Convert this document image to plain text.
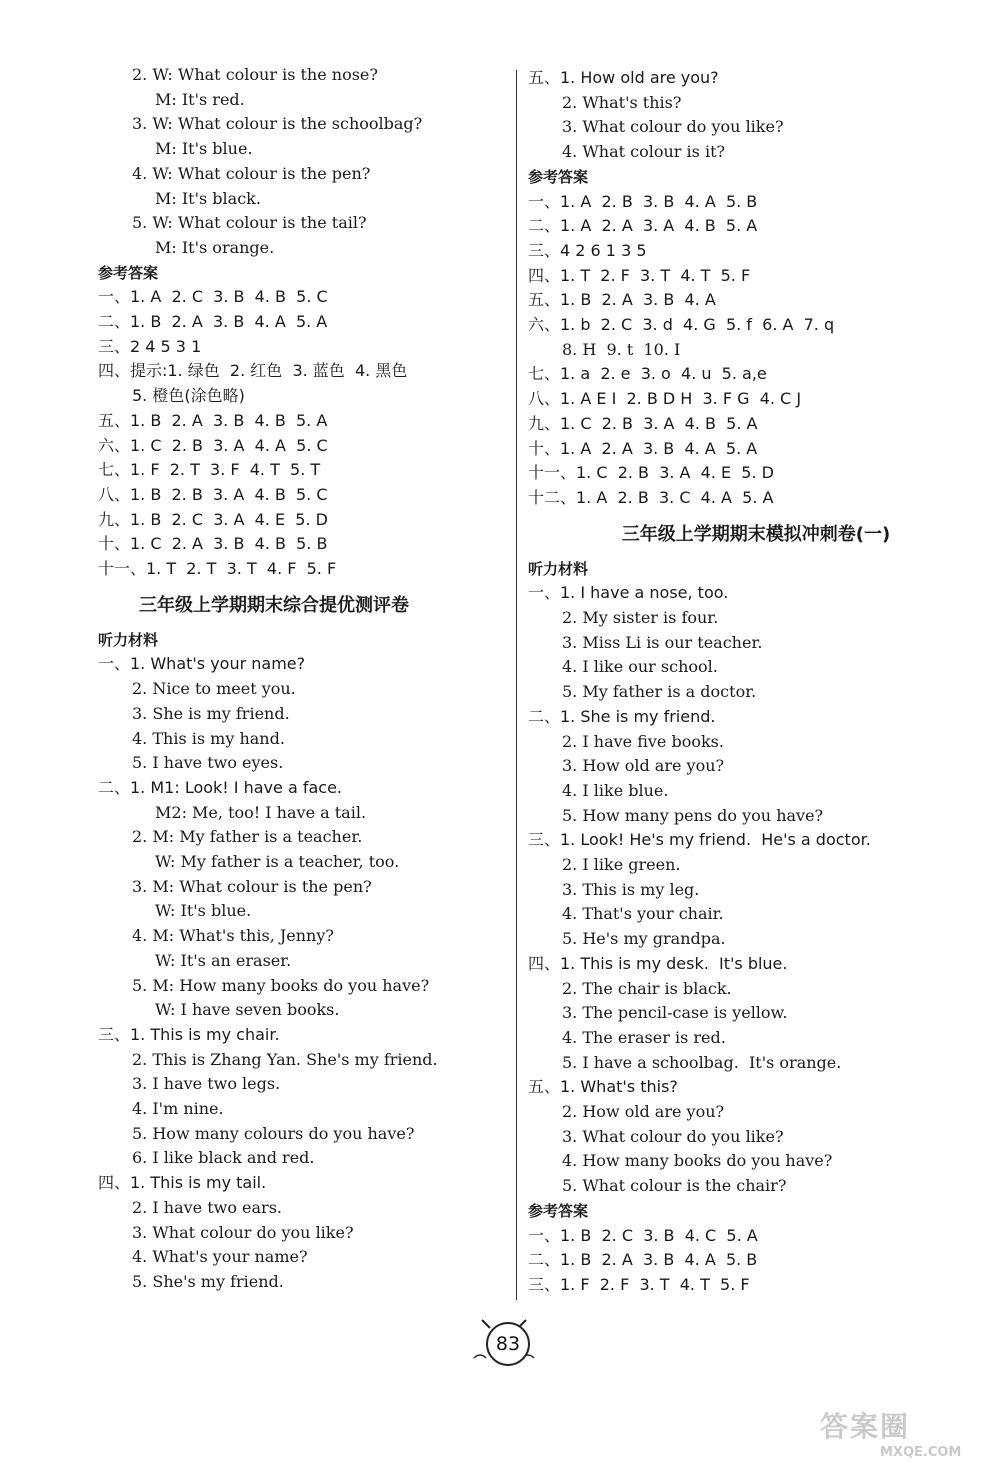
2. W: What colour is the nose?
M: It's red.
3. W: What colour is the schoolbag?
M: It's blue.
4. W: What colour is the pen?
M: It's black.
5. W: What colour is the tail?
M: It's orange.
参考答案
一、1. A  2. C  3. B  4. B  5. C
二、1. B  2. A  3. B  4. A  5. A
三、2 4 5 3 1
四、提示:1. 绿色  2. 红色  3. 蓝色  4. 黑色
5. 橙色(涂色略)
五、1. B  2. A  3. B  4. B  5. A
六、1. C  2. B  3. A  4. A  5. C
七、1. F  2. T  3. F  4. T  5. T
八、1. B  2. B  3. A  4. B  5. C
九、1. B  2. C  3. A  4. E  5. D
十、1. C  2. A  3. B  4. B  5. B
十一、1. T  2. T  3. T  4. F  5. F
三年级上学期期末综合提优测评卷
听力材料
一、1. What's your name?
2. Nice to meet you.
3. She is my friend.
4. This is my hand.
5. I have two eyes.
二、1. M1: Look! I have a face.
M2: Me, too! I have a tail.
2. M: My father is a teacher.
W: My father is a teacher, too.
3. M: What colour is the pen?
W: It's blue.
4. M: What's this, Jenny?
W: It's an eraser.
5. M: How many books do you have?
W: I have seven books.
三、1. This is my chair.
2. This is Zhang Yan. She's my friend.
3. I have two legs.
4. I'm nine.
5. How many colours do you have?
6. I like black and red.
四、1. This is my tail.
2. I have two ears.
3. What colour do you like?
4. What's your name?
5. She's my friend.
五、1. How old are you?
2. What's this?
3. What colour do you like?
4. What colour is it?
参考答案
一、1. A  2. B  3. B  4. A  5. B
二、1. A  2. A  3. A  4. B  5. A
三、4 2 6 1 3 5
四、1. T  2. F  3. T  4. T  5. F
五、1. B  2. A  3. B  4. A
六、1. b  2. C  3. d  4. G  5. f  6. A  7. q
8. H  9. t  10. I
七、1. a  2. e  3. o  4. u  5. a,e
八、1. A E I  2. B D H  3. F G  4. C J
九、1. C  2. B  3. A  4. B  5. A
十、1. A  2. A  3. B  4. A  5. A
十一、1. C  2. B  3. A  4. E  5. D
十二、1. A  2. B  3. C  4. A  5. A
三年级上学期期末模拟冲刺卷(一)
听力材料
一、1. I have a nose, too.
2. My sister is four.
3. Miss Li is our teacher.
4. I like our school.
5. My father is a doctor.
二、1. She is my friend.
2. I have five books.
3. How old are you?
4. I like blue.
5. How many pens do you have?
三、1. Look! He's my friend.  He's a doctor.
2. I like green.
3. This is my leg.
4. That's your chair.
5. He's my grandpa.
四、1. This is my desk.  It's blue.
2. The chair is black.
3. The pencil-case is yellow.
4. The eraser is red.
5. I have a schoolbag.  It's orange.
五、1. What's this?
2. How old are you?
3. What colour do you like?
4. How many books do you have?
5. What colour is the chair?
参考答案
一、1. B  2. C  3. B  4. C  5. A
二、1. B  2. A  3. B  4. A  5. B
三、1. F  2. F  3. T  4. T  5. F
83
答案圈
MXQE.COM
